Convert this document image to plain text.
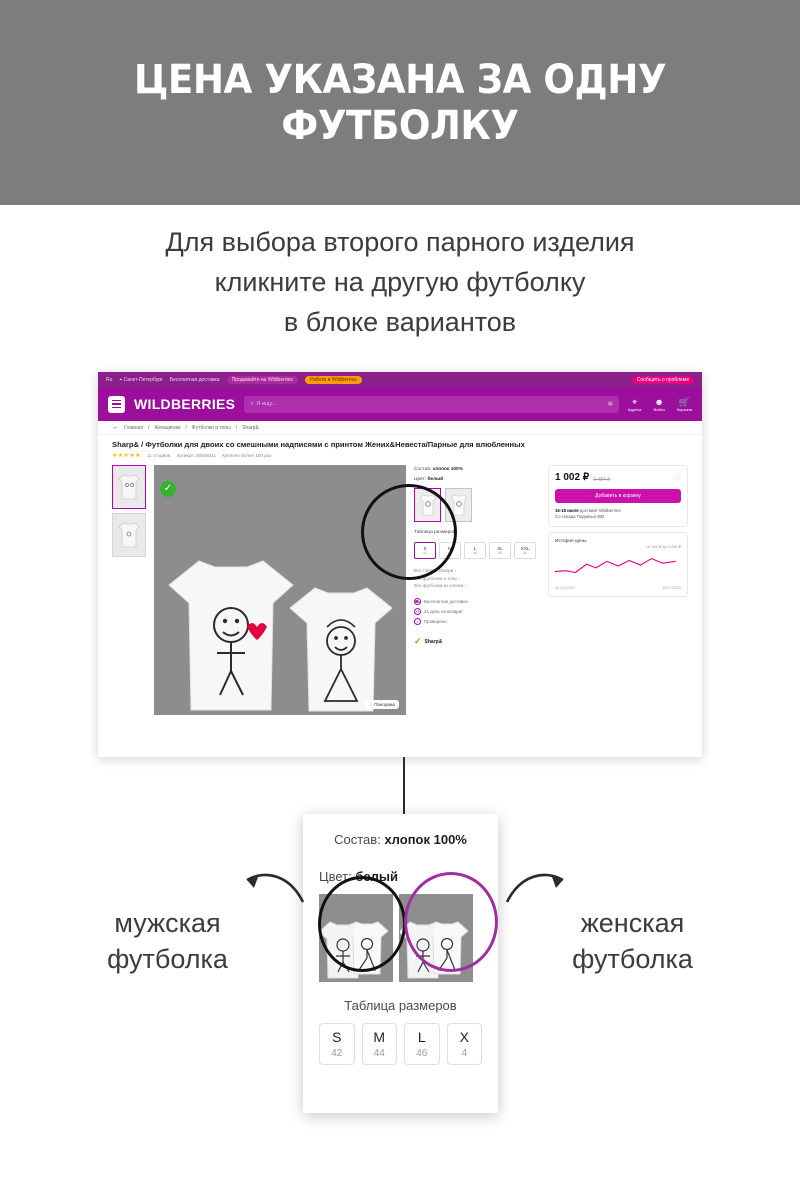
ЦЕНА УКАЗАНА ЗА ОДНУ ФУТБОЛКУ
Для выбора второго парного изделия
кликните на другую футболку
в блоке вариантов
Ru ⌖ Санкт-Петербург Бесплатная доставка	Продавайте на Wildberries	Работа в Wildberries	Сообщить о проблеме
WILDBERRIES	⌕ Я ищу...	▣	⌖
Адреса
☻
Войти
🛒
Корзина
← Главная / Женщинам / Футболки и топы / Sharp&
Sharp& / Футболки для двоих со смешными надписями с принтом Жених&Невеста/Парные для влюбленных
★★★★★ 11 отзывов Артикул: 26928411 Куплено более 100 раз
✓
◌ Панорама
Состав: хлопок 100%
Цвет: белый
Таблица размеров
S
42
M
44
L
46
XL
48
XXL
50
Все товары Sharp& ›
Все футболки и топы ›
Все футболки из хлопка ›
⛟ Бесплатная доставка
↺	21 день на возврат
✓	Проверено
✓ Sharp&
1 002 ₽ 2 484 ₽	♡
Добавить в корзину
16-18 июля доставит Wildberries
Со склада Поднизье WB
История цены
от 940 ₽ до 1 236 ₽
14.01.2022	14.07.2022
Состав: хлопок 100%
Цвет: белый
Таблица размеров
S
42
M
44
L
46
X
4
мужская
футболка
женская
футболка
